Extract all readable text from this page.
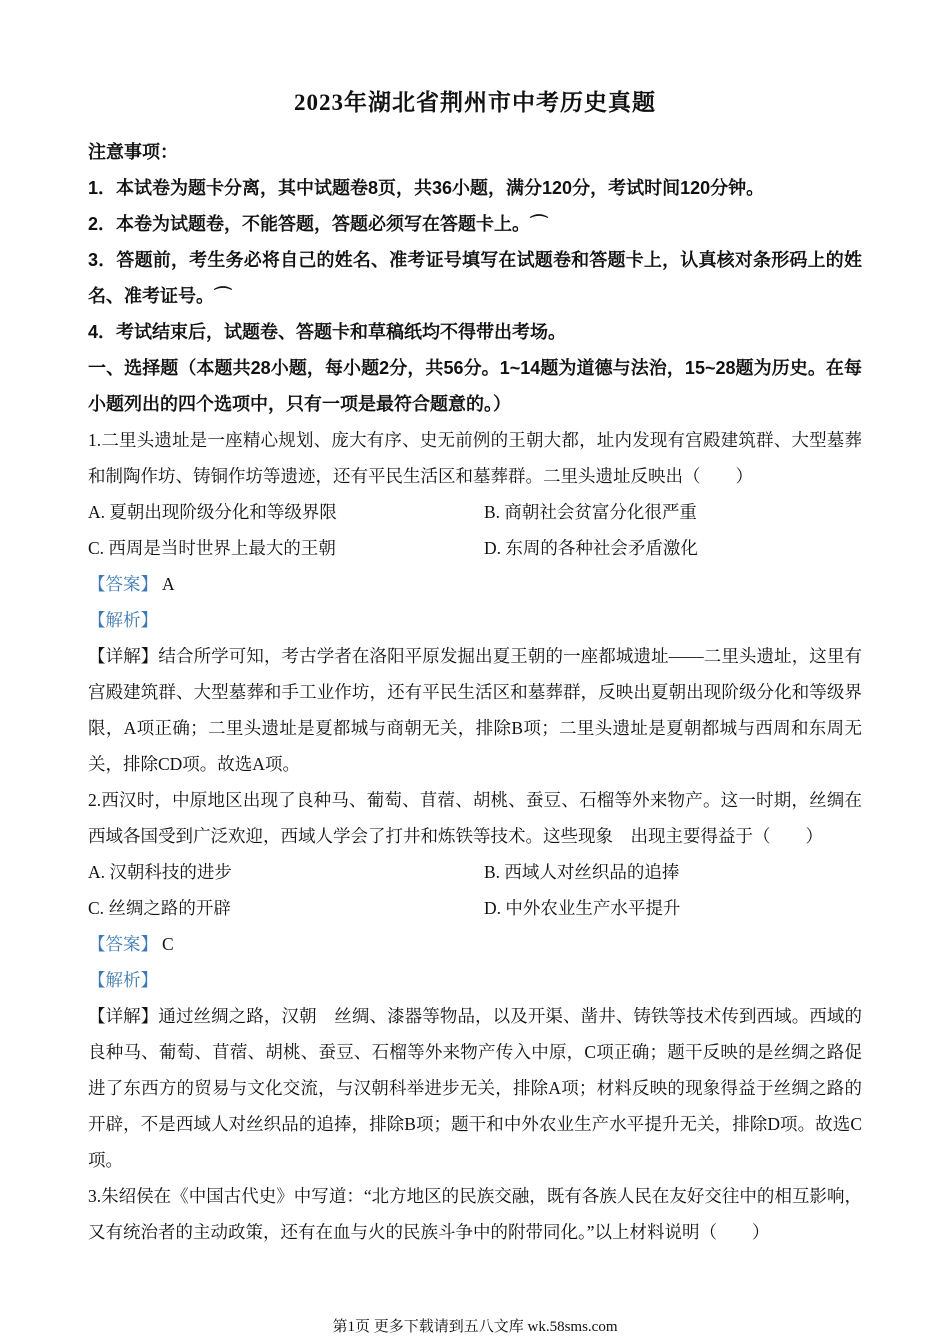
2023年湖北省荆州市中考历史真题

注意事项：

1．本试卷为题卡分离，其中试题卷8页，共36小题，满分120分，考试时间120分钟。

2．本卷为试题卷，不能答题，答题必须写在答题卡上。⌒

3．答题前，考生务必将自己的姓名、准考证号填写在试题卷和答题卡上，认真核对条形码上的姓名、准考证号。⌒

4．考试结束后，试题卷、答题卡和草稿纸均不得带出考场。

一、选择题（本题共28小题，每小题2分，共56分。1~14题为道德与法治，15~28题为历史。在每小题列出的四个选项中，只有一项是最符合题意的。）

1.二里头遗址是一座精心规划、庞大有序、史无前例的王朝大都，址内发现有宫殿建筑群、大型墓葬和制陶作坊、铸铜作坊等遗迹，还有平民生活区和墓葬群。二里头遗址反映出（　　）

A. 夏朝出现阶级分化和等级界限	B. 商朝社会贫富分化很严重

C. 西周是当时世界上最大的王朝	D. 东周的各种社会矛盾激化

【答案】 A

【解析】

【详解】结合所学可知，考古学者在洛阳平原发掘出夏王朝的一座都城遗址——二里头遗址，这里有宫殿建筑群、大型墓葬和手工业作坊，还有平民生活区和墓葬群，反映出夏朝出现阶级分化和等级界限，A项正确；二里头遗址是夏都城与商朝无关，排除B项；二里头遗址是夏朝都城与西周和东周无关，排除CD项。故选A项。

2.西汉时，中原地区出现了良种马、葡萄、苜蓿、胡桃、蚕豆、石榴等外来物产。这一时期，丝绸在西域各国受到广泛欢迎，西域人学会了打井和炼铁等技术。这些现象　出现主要得益于（　　）

A. 汉朝科技的进步	B. 西域人对丝织品的追捧

C. 丝绸之路的开辟	D. 中外农业生产水平提升

【答案】 C

【解析】

【详解】通过丝绸之路，汉朝　丝绸、漆器等物品，以及开渠、凿井、铸铁等技术传到西域。西域的良种马、葡萄、苜蓿、胡桃、蚕豆、石榴等外来物产传入中原，C项正确；题干反映的是丝绸之路促进了东西方的贸易与文化交流，与汉朝科举进步无关，排除A项；材料反映的现象得益于丝绸之路的开辟，不是西域人对丝织品的追捧，排除B项；题干和中外农业生产水平提升无关，排除D项。故选C项。

3.朱绍侯在《中国古代史》中写道：“北方地区的民族交融，既有各族人民在友好交往中的相互影响，又有统治者的主动政策，还有在血与火的民族斗争中的附带同化。”以上材料说明（　　）

第1页 更多下载请到五八文库 wk.58sms.com
